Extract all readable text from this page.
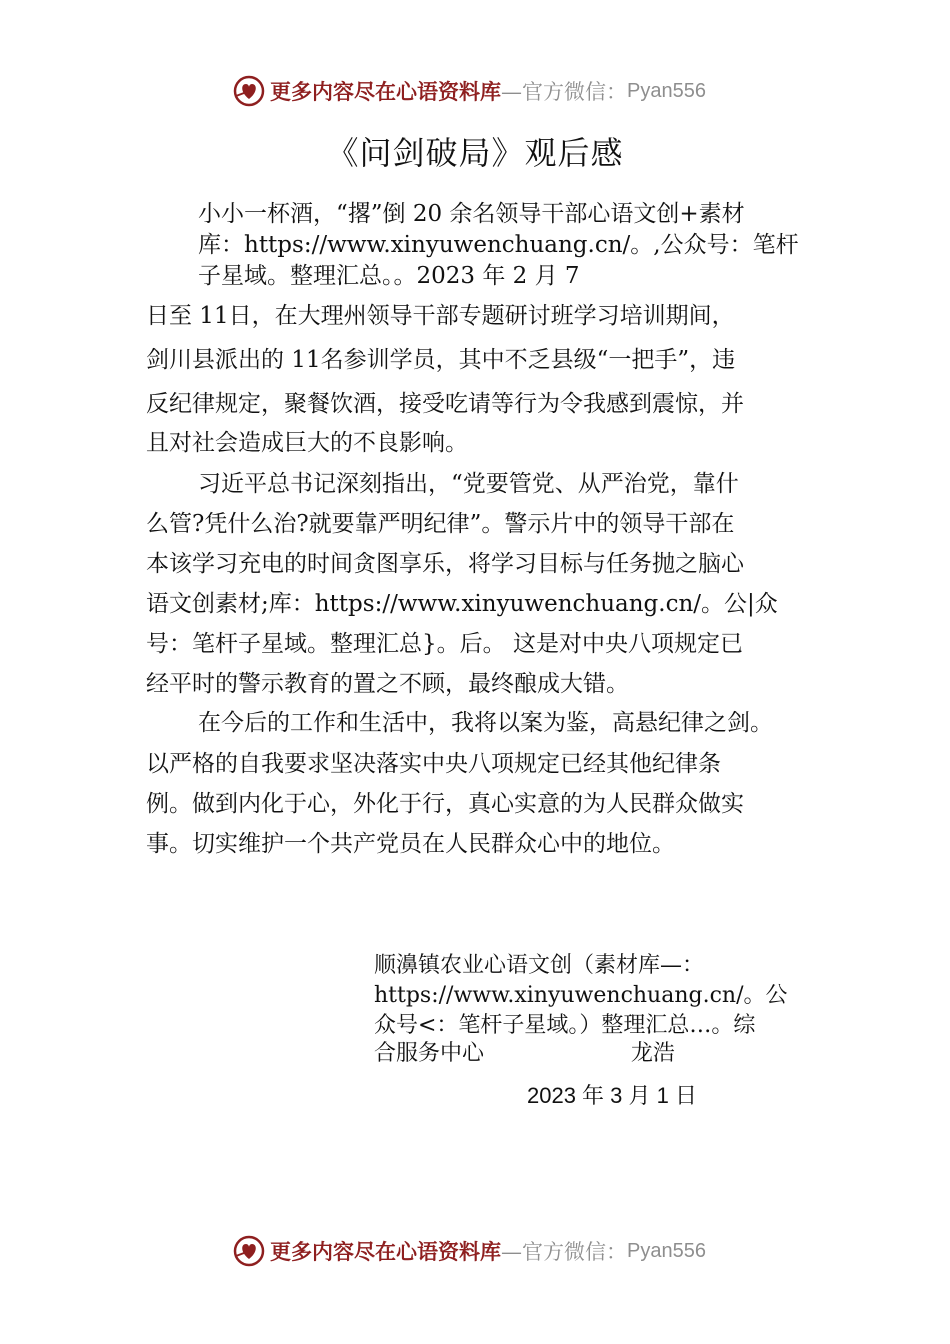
更多内容尽在心语资料库 —官方微信： Pyan556
《问剑破局》观后感
小小一杯酒，“撂”倒 20 余名领导干部心语文创+素材
库：https://www.xinyuwenchuang.cn/。,公众号：笔杆
子星域。整理汇总。。2023 年 2 月 7
日至 11日，在大理州领导干部专题研讨班学习培训期间，
剑川县派出的 11名参训学员，其中不乏县级“一把手”，违
反纪律规定，聚餐饮酒，接受吃请等行为令我感到震惊，并
且对社会造成巨大的不良影响。
习近平总书记深刻指出，“党要管党、从严治党，靠什
么管?凭什么治?就要靠严明纪律”。警示片中的领导干部在
本该学习充电的时间贪图享乐，将学习目标与任务抛之脑心
语文创素材;库：https://www.xinyuwenchuang.cn/。公|众
号：笔杆子星域。整理汇总}。后。 这是对中央八项规定已
经平时的警示教育的置之不顾，最终酿成大错。
在今后的工作和生活中，我将以案为鉴，高悬纪律之剑。
以严格的自我要求坚决落实中央八项规定已经其他纪律条
例。做到内化于心，外化于行，真心实意的为人民群众做实
事。切实维护一个共产党员在人民群众心中的地位。
顺濞镇农业心语文创（素材库—：
https://www.xinyuwenchuang.cn/。公
众号<：笔杆子星域。）整理汇总…。综
合服务中心                     龙浩
2023 年 3 月 1 日
更多内容尽在心语资料库 —官方微信： Pyan556
